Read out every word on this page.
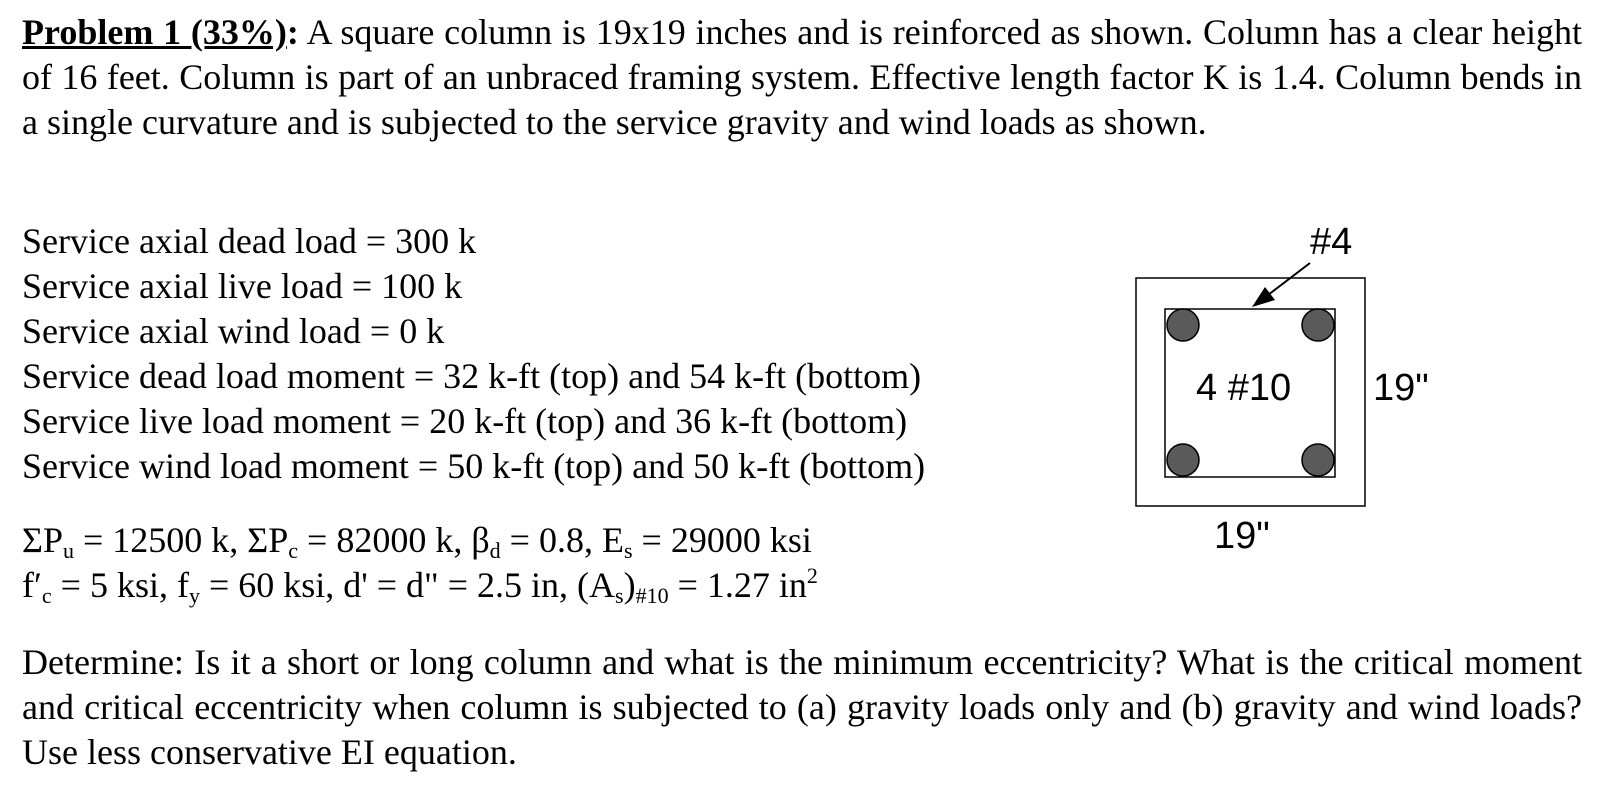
Problem 1 (33%): A square column is 19x19 inches and is reinforced as shown. Column has a clear height of 16 feet. Column is part of an unbraced framing system. Effective length factor K is 1.4. Column bends in a single curvature and is subjected to the service gravity and wind loads as shown.
Service axial dead load = 300 k
Service axial live load = 100 k
Service axial wind load = 0 k
Service dead load moment = 32 k-ft (top) and 54 k-ft (bottom)
Service live load moment = 20 k-ft (top) and 36 k-ft (bottom)
Service wind load moment = 50 k-ft (top) and 50 k-ft (bottom)
$\Sigma P_u = 12500$ k, $\Sigma P_c = 82000$ k, $\beta_d = 0.8$, $E_s = 29000$ ksi
$f'_c = 5$ ksi, $f_y = 60$ ksi, d' = d" = 2.5 in, $(A_s)_{\#10} = 1.27$ $in^2$
#4
4 #10 19"
19"
Determine: Is it a short or long column and what is the minimum eccentricity? What is the critical moment and critical eccentricity when column is subjected to (a) gravity loads only and (b) gravity and wind loads? Use less conservative EI equation.
